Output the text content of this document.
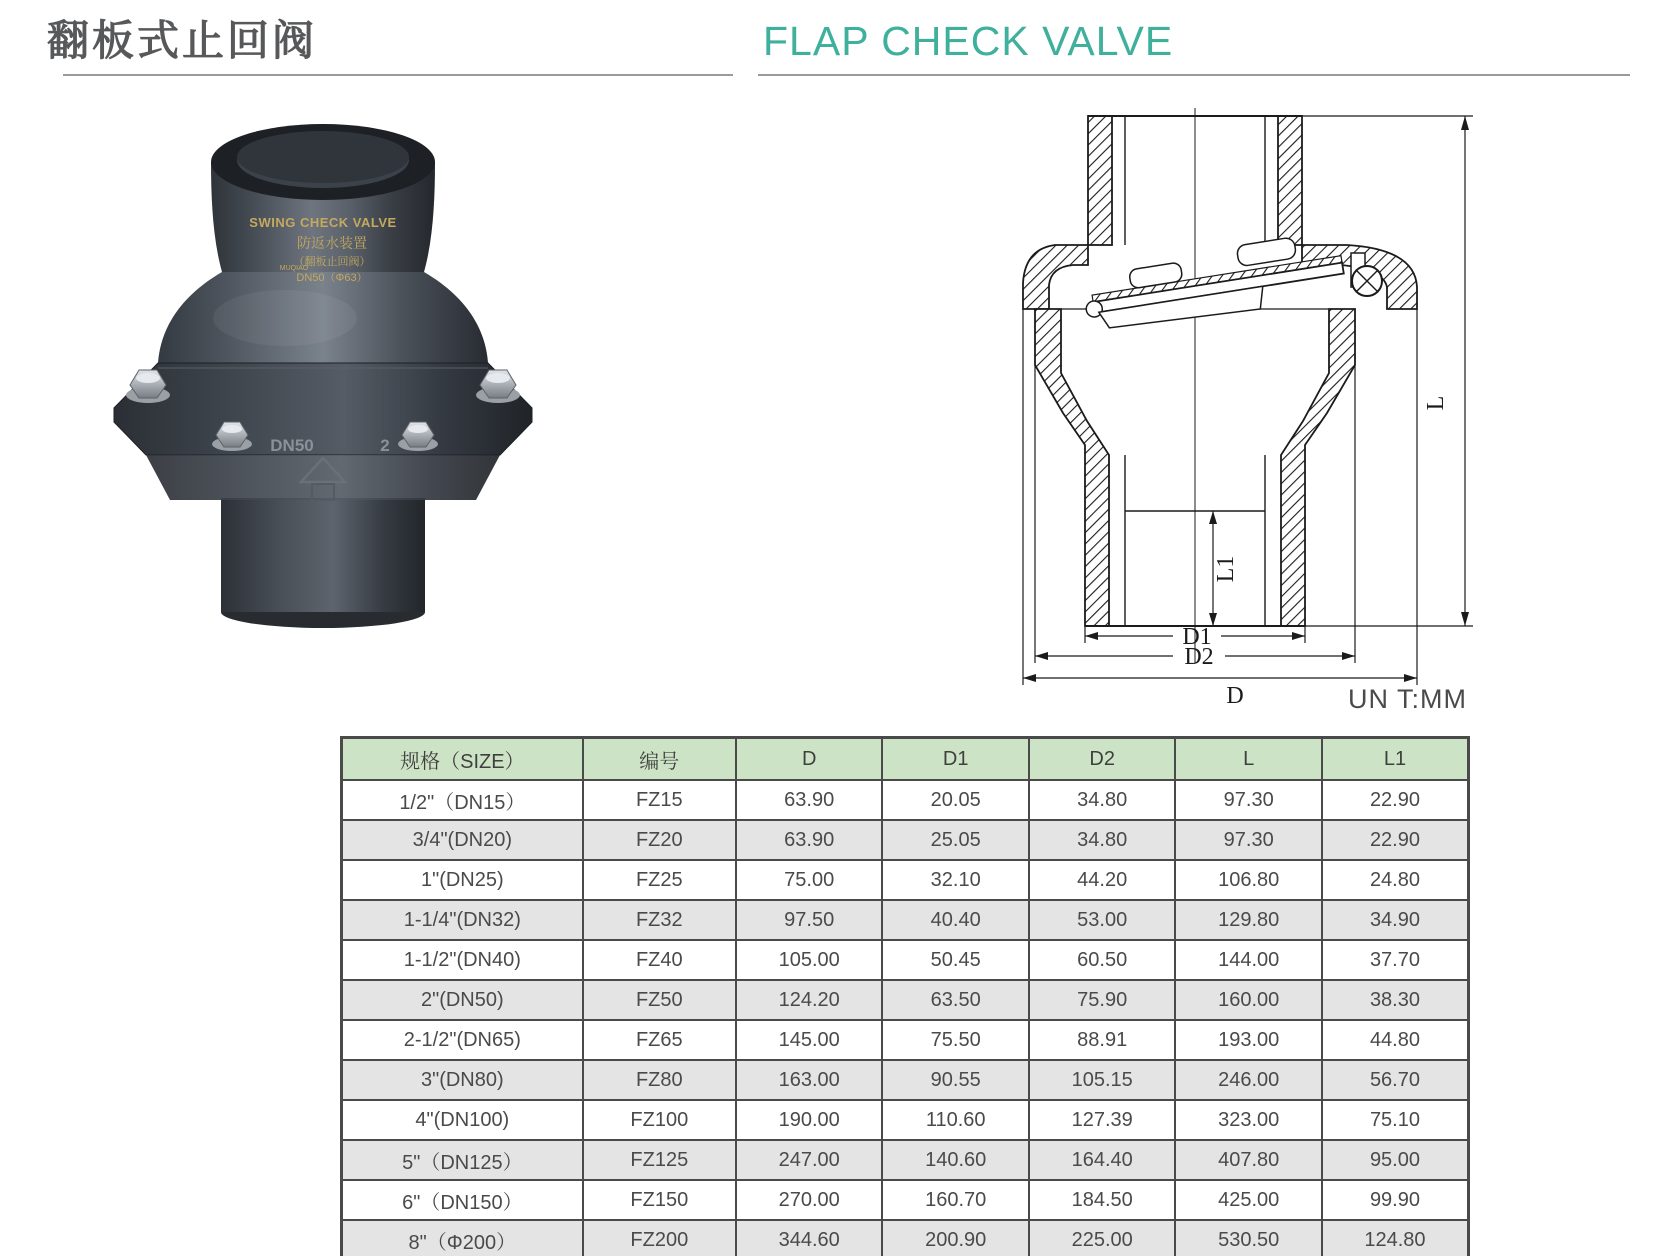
翻板式止回阀	FLAP CHECK VALVE
DN50	2
SWING CHECK VALVE
防返水装置
（翻板止回阀）
MUQIAO
DN50（Φ63）
L
L1
D1
D2
D	UN T:MM
规格（SIZE）	编号	D	D1	D2	L	L1
1/2"（DN15）	FZ15	63.90	20.05	34.80	97.30	22.90
3/4"(DN20)	FZ20	63.90	25.05	34.80	97.30	22.90
1"(DN25)	FZ25	75.00	32.10	44.20	106.80	24.80
1-1/4"(DN32)	FZ32	97.50	40.40	53.00	129.80	34.90
1-1/2"(DN40)	FZ40	105.00	50.45	60.50	144.00	37.70
2"(DN50)	FZ50	124.20	63.50	75.90	160.00	38.30
2-1/2"(DN65)	FZ65	145.00	75.50	88.91	193.00	44.80
3"(DN80)	FZ80	163.00	90.55	105.15	246.00	56.70
4"(DN100)	FZ100	190.00	110.60	127.39	323.00	75.10
5"（DN125）	FZ125	247.00	140.60	164.40	407.80	95.00
6"（DN150）	FZ150	270.00	160.70	184.50	425.00	99.90
8"（Φ200）	FZ200	344.60	200.90	225.00	530.50	124.80
